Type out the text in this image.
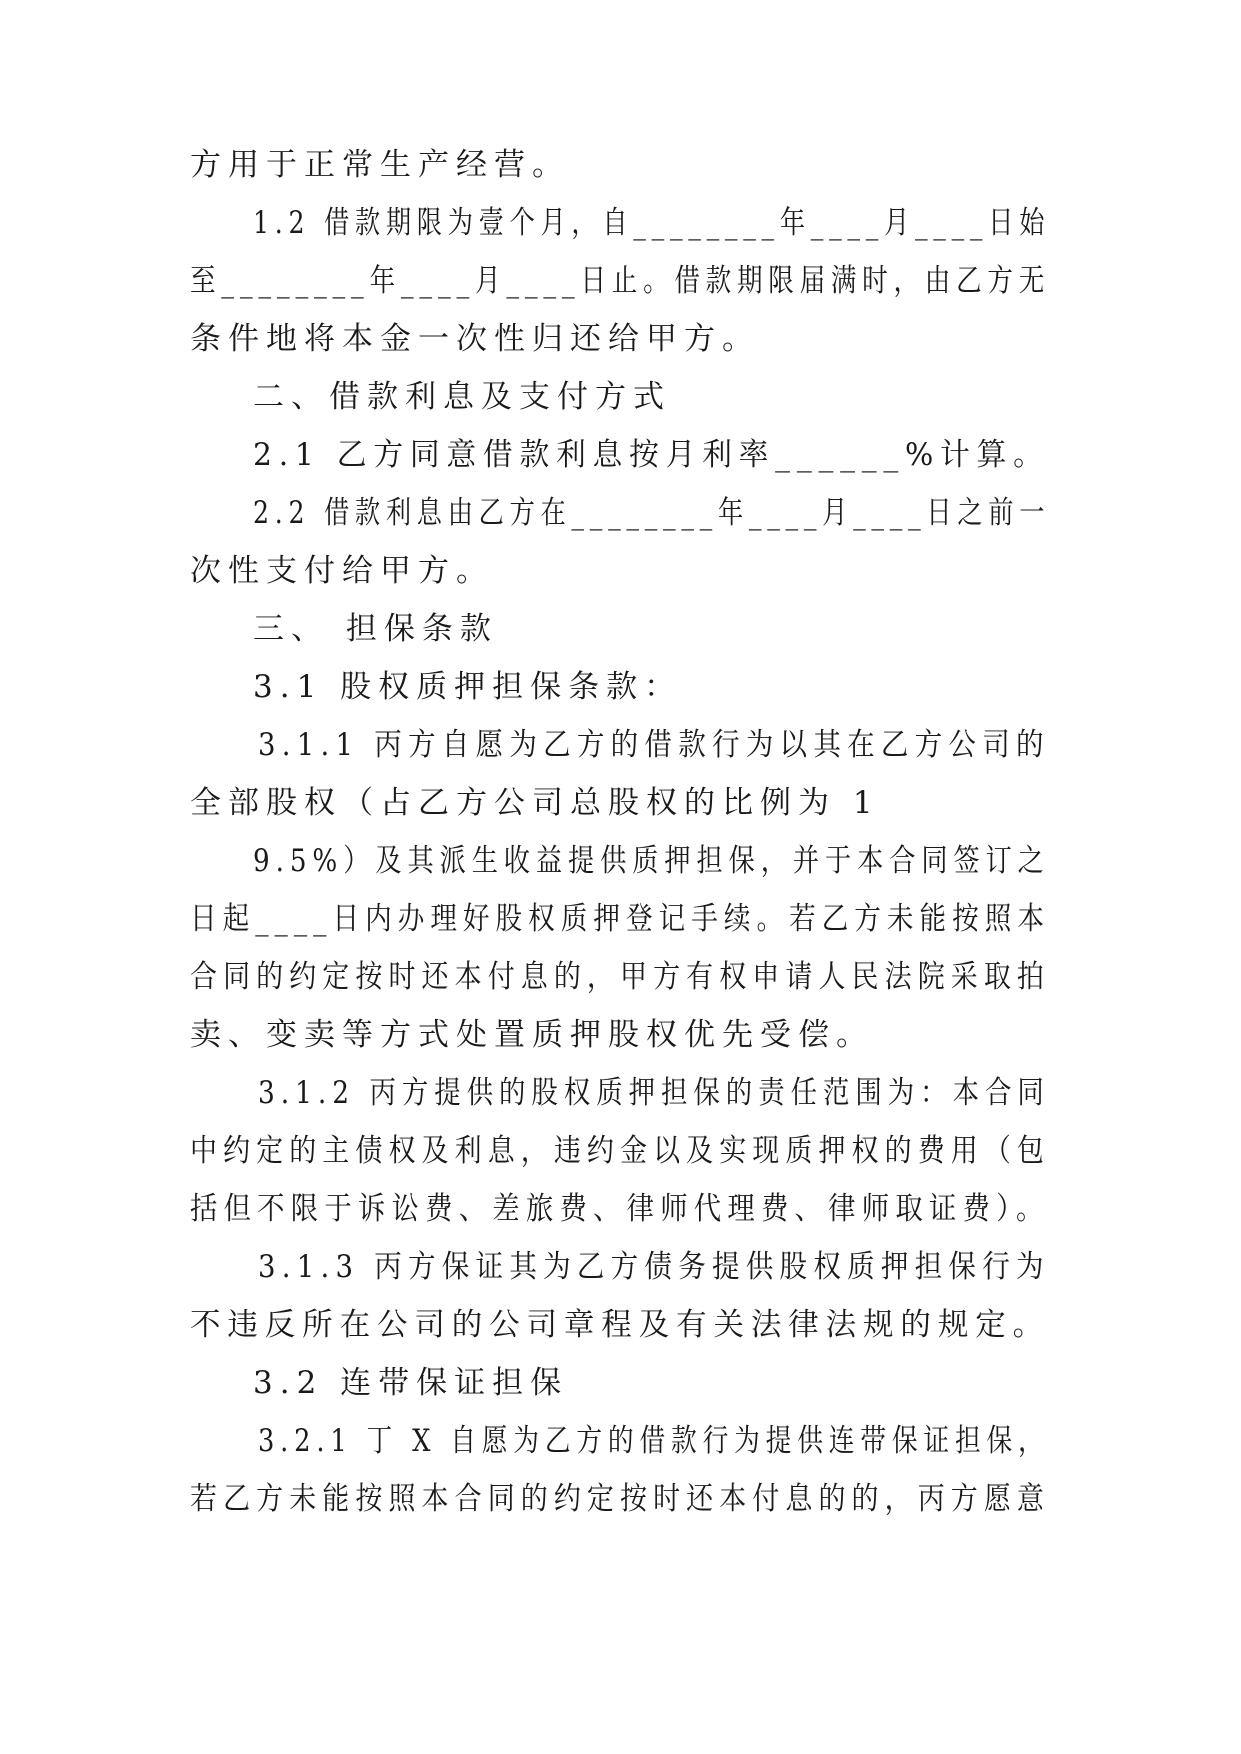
方用于正常生产经营。
1.2 借款期限为壹个月，自________年____月____日始
至________年____月____日止。借款期限届满时，由乙方无
条件地将本金一次性归还给甲方。
二、借款利息及支付方式
2.1 乙方同意借款利息按月利率______%计算。
2.2 借款利息由乙方在________年____月____日之前一
次性支付给甲方。
三、 担保条款
3.1 股权质押担保条款：
3.1.1 丙方自愿为乙方的借款行为以其在乙方公司的
全部股权（占乙方公司总股权的比例为 1
9.5%）及其派生收益提供质押担保，并于本合同签订之
日起____日内办理好股权质押登记手续。若乙方未能按照本
合同的约定按时还本付息的，甲方有权申请人民法院采取拍
卖、变卖等方式处置质押股权优先受偿。
3.1.2 丙方提供的股权质押担保的责任范围为：本合同
中约定的主债权及利息，违约金以及实现质押权的费用（包
括但不限于诉讼费、差旅费、律师代理费、律师取证费）。
3.1.3 丙方保证其为乙方债务提供股权质押担保行为
不违反所在公司的公司章程及有关法律法规的规定。
3.2 连带保证担保
3.2.1 丁 X 自愿为乙方的借款行为提供连带保证担保，
若乙方未能按照本合同的约定按时还本付息的的，丙方愿意
